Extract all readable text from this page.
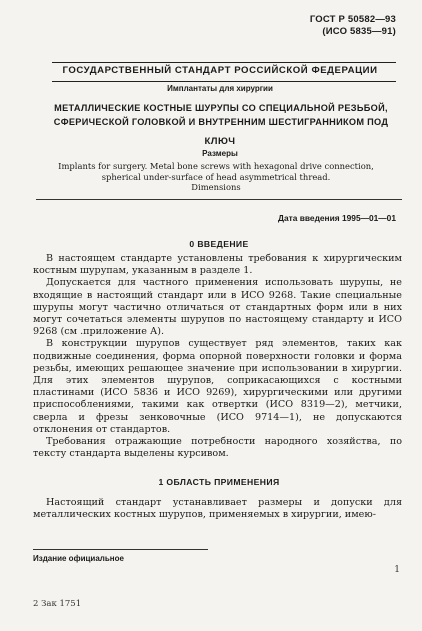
ГОСТ Р 50582—93
(ИСО 5835—91)
ГОСУДАРСТВЕННЫЙ СТАНДАРТ РОССИЙСКОЙ ФЕДЕРАЦИИ
Имплантаты для хирургии
МЕТАЛЛИЧЕСКИЕ КОСТНЫЕ ШУРУПЫ СО СПЕЦИАЛЬНОЙ РЕЗЬБОЙ,
СФЕРИЧЕСКОЙ ГОЛОВКОЙ И ВНУТРЕННИМ ШЕСТИГРАННИКОМ ПОД
КЛЮЧ
Размеры
Implants for surgery. Metal bone screws with hexagonal drive connection,
spherical under-surface of head asymmetrical thread.
Dimensions
Дата введения 1995—01—01
0 ВВЕДЕНИЕ

В настоящем стандарте установлены требования к хирургическим костным шурупам, указанным в разделе 1.

Допускается для частного применения использовать шурупы, не входящие в настоящий стандарт или в ИСО 9268. Такие специальные шурупы могут частично отличаться от стандартных форм или в них могут сочетаться элементы шурупов по настоящему стандарту и ИСО 9268 (см .приложение А).

В конструкции шурупов существует ряд элементов, таких как подвижные соединения, форма опорной поверхности головки и форма резьбы, имеющих решающее значение при использовании в хирургии. Для этих элементов шурупов, соприкасающихся с костными пластинами (ИСО 5836 и ИСО 9269), хирургическими или другими приспособлениями, такими как отвертки (ИСО 8319—2), метчики, сверла и фрезы зенковочные (ИСО 9714—1), не допускаются отклонения от стандартов.

Требования отражающие потребности народного хозяйства, по тексту стандарта выделены курсивом.

1 ОБЛАСТЬ ПРИМЕНЕНИЯ

Настоящий стандарт устанавливает размеры и допуски для металлических костных шурупов, применяемых в хирургии, имею-

Издание официальное
1
2 Зак 1751
